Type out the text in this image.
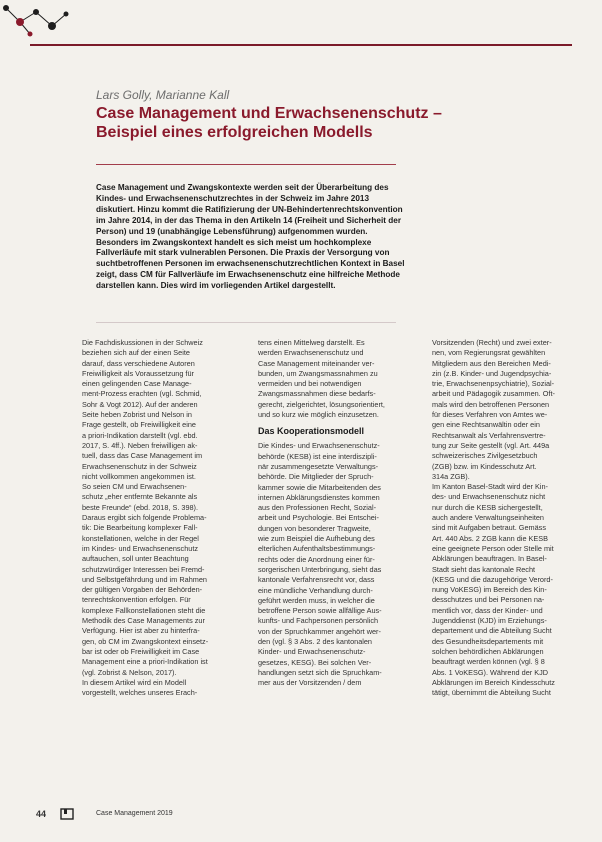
Lars Golly, Marianne Kall
Case Management und Erwachsenenschutz –
Beispiel eines erfolgreichen Modells
Case Management und Zwangskontexte werden seit der Überarbeitung des
Kindes- und Erwachsenenschutzrechtes in der Schweiz im Jahre 2013
diskutiert. Hinzu kommt die Ratifizierung der UN-Behindertenrechtskonvention
im Jahre 2014, in der das Thema in den Artikeln 14 (Freiheit und Sicherheit der
Person) und 19 (unabhängige Lebensführung) aufgenommen wurden.
Besonders im Zwangskontext handelt es sich meist um hochkomplexe
Fallverläufe mit stark vulnerablen Personen. Die Praxis der Versorgung von
suchtbetroffenen Personen im erwachsenenschutzrechtlichen Kontext in Basel
zeigt, dass CM für Fallverläufe im Erwachsenenschutz eine hilfreiche Methode
darstellen kann. Dies wird im vorliegenden Artikel dargestellt.
Die Fachdiskussionen in der Schweiz
beziehen sich auf der einen Seite
darauf, dass verschiedene Autoren
Freiwilligkeit als Voraussetzung für
einen gelingenden Case Manage-
ment-Prozess erachten (vgl. Schmid,
Sohr & Vogt 2012). Auf der anderen
Seite heben Zobrist und Nelson in
Frage gestellt, ob Freiwilligkeit eine
a priori-Indikation darstellt (vgl. ebd.
2017, S. 4ff.). Neben freiwilligen ak-
tuell, dass das Case Management im
Erwachsenenschutz in der Schweiz
nicht vollkommen angekommen ist.
So seien CM und Erwachsenen-
schutz „eher entfernte Bekannte als
beste Freunde“ (ebd. 2018, S. 398).
Daraus ergibt sich folgende Problema-
tik: Die Bearbeitung komplexer Fall-
konstellationen, welche in der Regel
im Kindes- und Erwachsenenschutz
auftauchen, soll unter Beachtung
schutzwürdiger Interessen bei Fremd-
und Selbstgefährdung und im Rahmen
der gültigen Vorgaben der Behörden-
tenrechtskonvention erfolgen. Für
komplexe Fallkonstellationen steht die
Methodik des Case Managements zur
Verfügung. Hier ist aber zu hinterfra-
gen, ob CM im Zwangskontext einsetz-
bar ist oder ob Freiwilligkeit im Case
Management eine a priori-Indikation ist
(vgl. Zobrist & Nelson, 2017).
In diesem Artikel wird ein Modell
vorgestellt, welches unseres Erach-
tens einen Mittelweg darstellt. Es
werden Erwachsenenschutz und
Case Management miteinander ver-
bunden, um Zwangsmassnahmen zu
vermeiden und bei notwendigen
Zwangsmassnahmen diese bedarfs-
gerecht, zielgerichtet, lösungsorientiert,
und so kurz wie möglich einzusetzen.
Das Kooperationsmodell
Die Kindes- und Erwachsenenschutz-
behörde (KESB) ist eine interdiszipli-
när zusammengesetzte Verwaltungs-
behörde. Die Mitglieder der Spruch-
kammer sowie die Mitarbeitenden des
internen Abklärungsdienstes kommen
aus den Professionen Recht, Sozial-
arbeit und Psychologie. Bei Entschei-
dungen von besonderer Tragweite,
wie zum Beispiel die Aufhebung des
elterlichen Aufenthaltsbestimmungs-
rechts oder die Anordnung einer für-
sorgerischen Unterbringung, sieht das
kantonale Verfahrensrecht vor, dass
eine mündliche Verhandlung durch-
geführt werden muss, in welcher die
betroffene Person sowie allfällige Aus-
kunfts- und Fachpersonen persönlich
von der Spruchkammer angehört wer-
den (vgl. § 3 Abs. 2 des kantonalen
Kinder- und Erwachsenenschutz-
gesetzes, KESG). Bei solchen Ver-
handlungen setzt sich die Spruchkam-
mer aus der Vorsitzenden / dem
Vorsitzenden (Recht) und zwei exter-
nen, vom Regierungsrat gewählten
Mitgliedern aus den Bereichen Medi-
zin (z.B. Kinder- und Jugendpsychia-
trie, Erwachsenenpsychiatrie), Sozial-
arbeit und Pädagogik zusammen. Oft-
mals wird den betroffenen Personen
für dieses Verfahren von Amtes we-
gen eine Rechtsanwältin oder ein
Rechtsanwalt als Verfahrensvertre-
tung zur Seite gestellt (vgl. Art. 449a
schweizerisches Zivilgesetzbuch
(ZGB) bzw. im Kindesschutz Art.
314a ZGB).
Im Kanton Basel-Stadt wird der Kin-
des- und Erwachsenenschutz nicht
nur durch die KESB sichergestellt,
auch andere Verwaltungseinheiten
sind mit Aufgaben betraut. Gemäss
Art. 440 Abs. 2 ZGB kann die KESB
eine geeignete Person oder Stelle mit
Abklärungen beauftragen. In Basel-
Stadt sieht das kantonale Recht
(KESG und die dazugehörige Verord-
nung VoKESG) im Bereich des Kin-
desschutzes und bei Personen na-
mentlich vor, dass der Kinder- und
Jugenddienst (KJD) im Erziehungs-
departement und die Abteilung Sucht
des Gesundheitsdepartements mit
solchen behördlichen Abklärungen
beauftragt werden können (vgl. § 8
Abs. 1 VoKESG). Während der KJD
Abklärungen im Bereich Kindesschutz
tätigt, übernimmt die Abteilung Sucht
44	Case Management 2019
